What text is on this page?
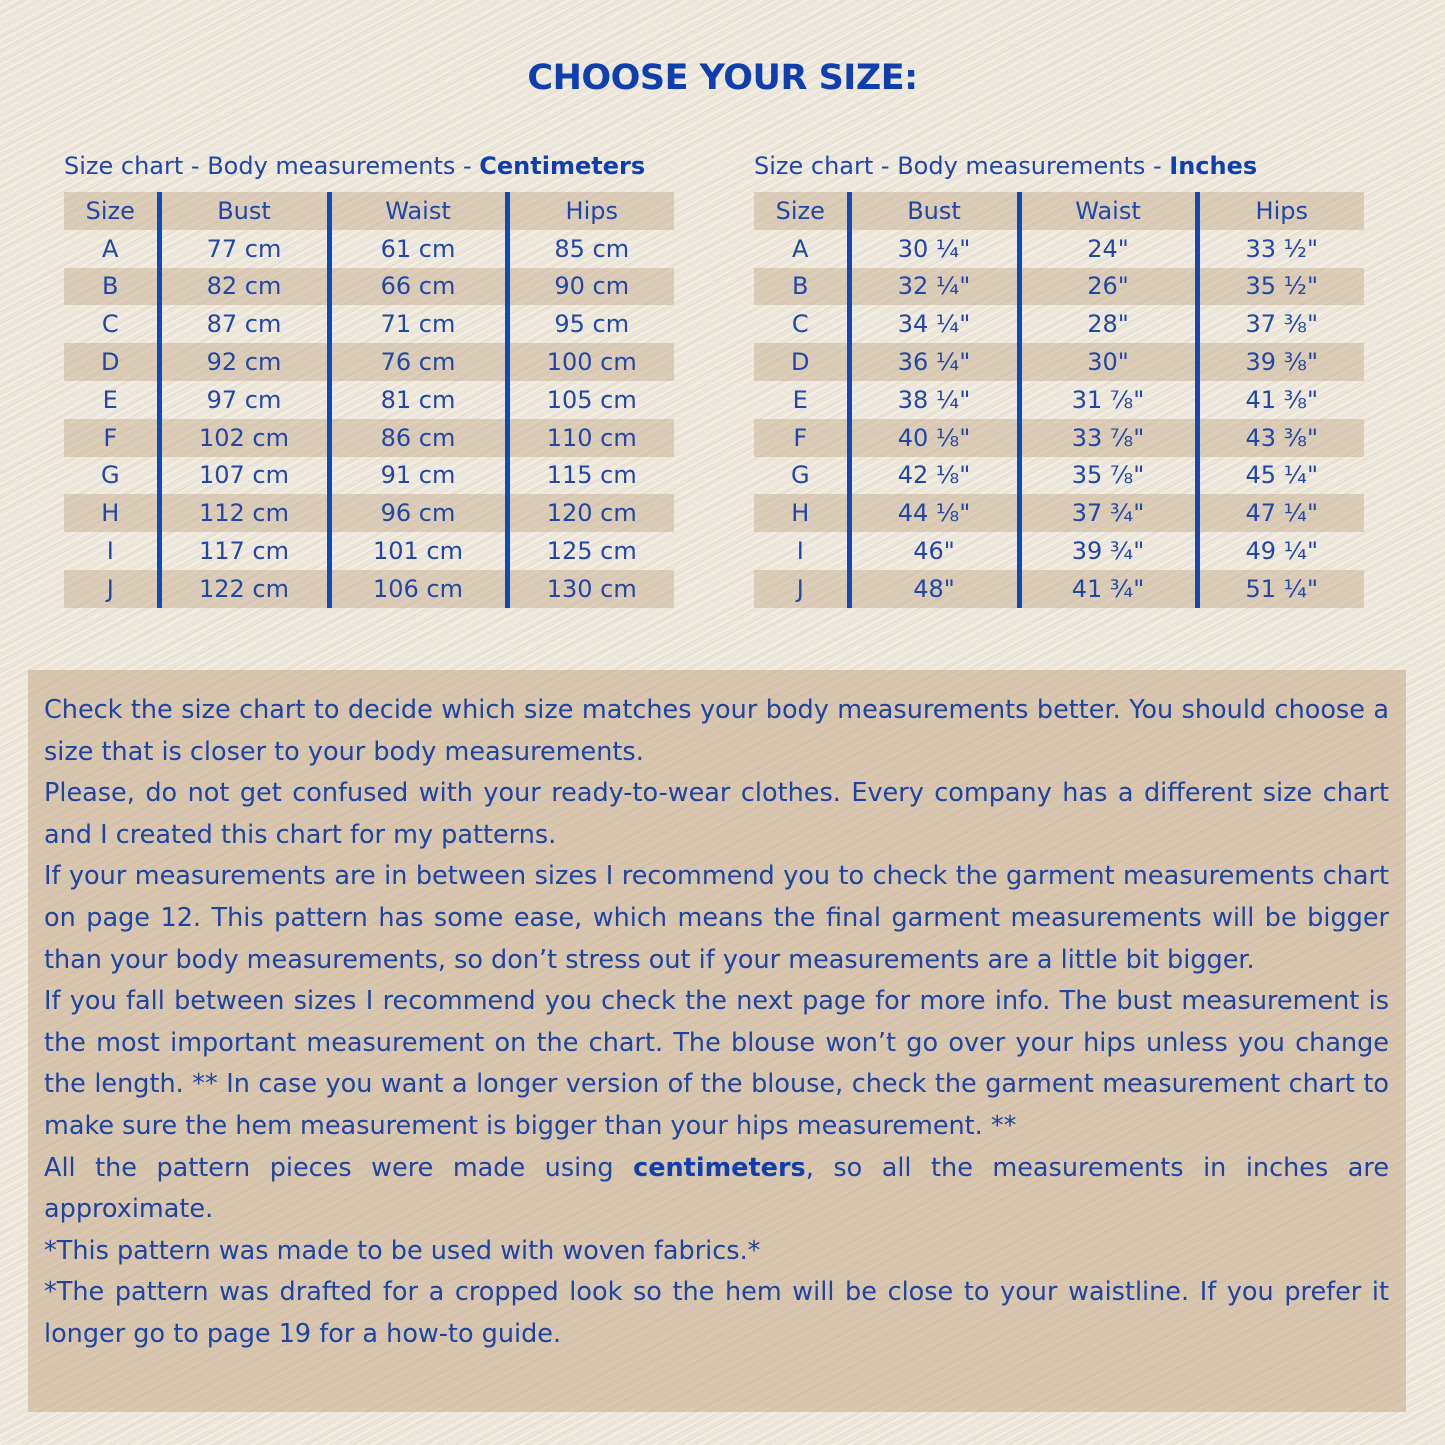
CHOOSE YOUR SIZE:
Size chart - Body measurements - Centimeters
Size	Bust	Waist	Hips
A	77 cm	61 cm	85 cm
B	82 cm	66 cm	90 cm
C	87 cm	71 cm	95 cm
D	92 cm	76 cm	100 cm
E	97 cm	81 cm	105 cm
F	102 cm	86 cm	110 cm
G	107 cm	91 cm	115 cm
H	112 cm	96 cm	120 cm
I	117 cm	101 cm	125 cm
J	122 cm	106 cm	130 cm
Size chart - Body measurements - Inches
Size	Bust	Waist	Hips
A	30 ¼"	24"	33 ½"
B	32 ¼"	26"	35 ½"
C	34 ¼"	28"	37 ⅜"
D	36 ¼"	30"	39 ⅜"
E	38 ¼"	31 ⅞"	41 ⅜"
F	40 ⅛"	33 ⅞"	43 ⅜"
G	42 ⅛"	35 ⅞"	45 ¼"
H	44 ⅛"	37 ¾"	47 ¼"
I	46"	39 ¾"	49 ¼"
J	48"	41 ¾"	51 ¼"

Check the size chart to decide which size matches your body measurements better. You should choose a size that is closer to your body measurements.

Please, do not get confused with your ready-to-wear clothes. Every company has a different size chart and I created this chart for my patterns.

If your measurements are in between sizes I recommend you to check the garment measurements chart on page 12. This pattern has some ease, which means the final garment measurements will be bigger than your body measurements, so don’t stress out if your measurements are a little bit bigger.

If you fall between sizes I recommend you check the next page for more info. The bust measurement is the most important measurement on the chart. The blouse won’t go over your hips unless you change the length. ** In case you want a longer version of the blouse, check the garment measurement chart to make sure the hem measurement is bigger than your hips measurement. **

All the pattern pieces were made using centimeters, so all the measurements in inches are approximate.

*This pattern was made to be used with woven fabrics.*

*The pattern was drafted for a cropped look so the hem will be close to your waistline. If you prefer it longer go to page 19 for a how-to guide.
